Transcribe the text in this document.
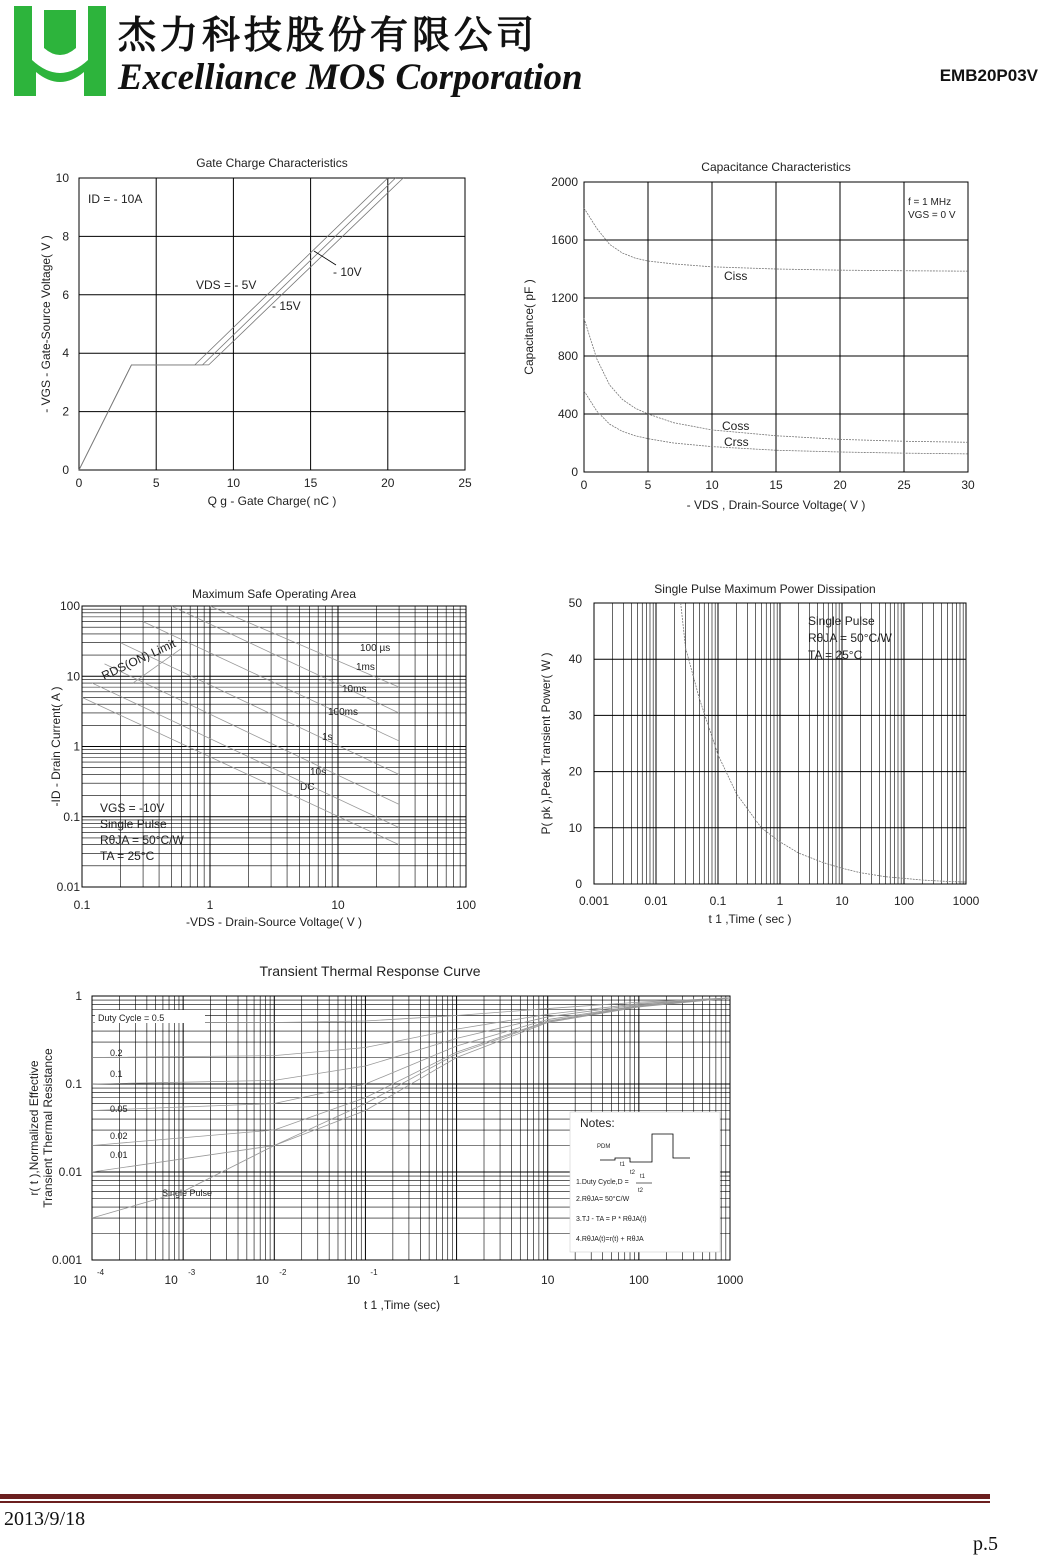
杰力科技股份有限公司
Excelliance MOS Corporation	EMB20P03V
0	5	10	15	20	25
0
2
4
6
8
10
Gate Charge Characteristics
Q g - Gate Charge( nC )
- VGS - Gate-Source Voltage( V )
ID = - 10A
VDS = - 5V
- 10V
- 15V
0	5	10	15	20	25	30
0
400
800
1200
1600
2000
Capacitance Characteristics
- VDS , Drain-Source Voltage( V )
Capacitance( pF )
f = 1 MHz
VGS = 0 V
Ciss
Coss
Crss
0.1	1	10	100
0.01
0.1
1
10
100
Maximum Safe Operating Area
-VDS - Drain-Source Voltage( V )
-ID - Drain Current( A )
RDS(ON) Limit	100 µs
1ms
10ms
100ms
1s
10s
DC
VGS = -10V
Single Pulse
RθJA = 50°C/W
TA = 25°C
0
10
20
30
40
50
0.001	0.01	0.1	1	10	100	1000
Single Pulse Maximum Power Dissipation
t 1 ,Time ( sec )
P( pk ),Peak Transient Power( W )
Single Pulse
RθJA = 50°C/W
TA = 25°C
10
-4
10
-3
10
-2
10
-1
1	10	100	1000
0.001
0.01
0.1
1
Transient Thermal Response Curve
t 1 ,Time (sec)
r( t ),Normalized Effective Transient Thermal Resistance
Duty Cycle = 0.5
0.2
0.1
0.05
0.02
0.01
Single Pulse
Notes:
PDM
t1
t2
t1
t2
1.Duty Cycle,D =
2.RθJA= 50°C/W
3.TJ - TA = P * RθJA(t)
4.RθJA(t)=r(t) + RθJA
2013/9/18
p.5
